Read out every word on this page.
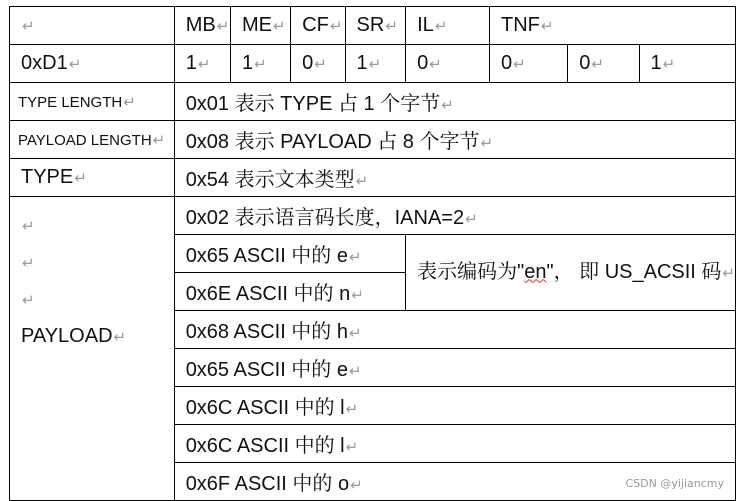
↵	MB↵	ME↵	CF↵	SR↵	IL↵	TNF↵		
0xD1↵	1↵	1↵	0↵	1↵	0↵	0↵	0↵	1↵
TYPE LENGTH↵	0x01 表示 TYPE 占 1 个字节↵							
PAYLOAD LENGTH↵	0x08 表示 PAYLOAD 占 8 个字节↵							
TYPE↵	0x54 表示文本类型↵							

↵
↵
↵
PAYLOAD↵	0x02 表示语言码长度，IANA=2↵							
	0x65 ASCII 中的 e↵				表示编码为"en"， 即 US_ACSII 码↵			
	0x6E ASCII 中的 n↵							
	0x68 ASCII 中的 h↵							
	0x65 ASCII 中的 e↵							
	0x6C ASCII 中的 l↵							
	0x6C ASCII 中的 l↵							
	0x6F ASCII 中的 o↵								CSDN @yijiancmy
